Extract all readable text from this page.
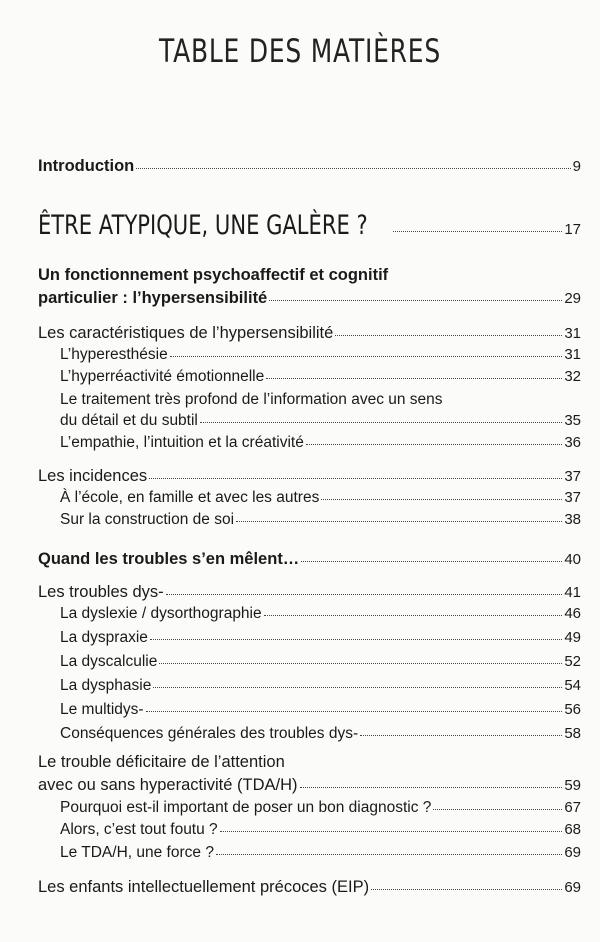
TABLE DES MATIÈRES
Introduction	9
ÊTRE ATYPIQUE, UNE GALÈRE ?	17
Un fonctionnement psychoaffectif et cognitif
particulier : l’hypersensibilité	29
Les caractéristiques de l’hypersensibilité	31
L’hyperesthésie	31
L’hyperréactivité émotionnelle	32
Le traitement très profond de l’information avec un sens
du détail et du subtil	35
L’empathie, l’intuition et la créativité	36
Les incidences	37
À l’école, en famille et avec les autres	37
Sur la construction de soi	38
Quand les troubles s’en mêlent…	40
Les troubles dys-	41
La dyslexie / dysorthographie	46
La dyspraxie	49
La dyscalculie	52
La dysphasie	54
Le multidys-	56
Conséquences générales des troubles dys-	58
Le trouble déficitaire de l’attention
avec ou sans hyperactivité (TDA/H)	59
Pourquoi est-il important de poser un bon diagnostic ?	67
Alors, c’est tout foutu ?	68
Le TDA/H, une force ?	69
Les enfants intellectuellement précoces (EIP)	69
